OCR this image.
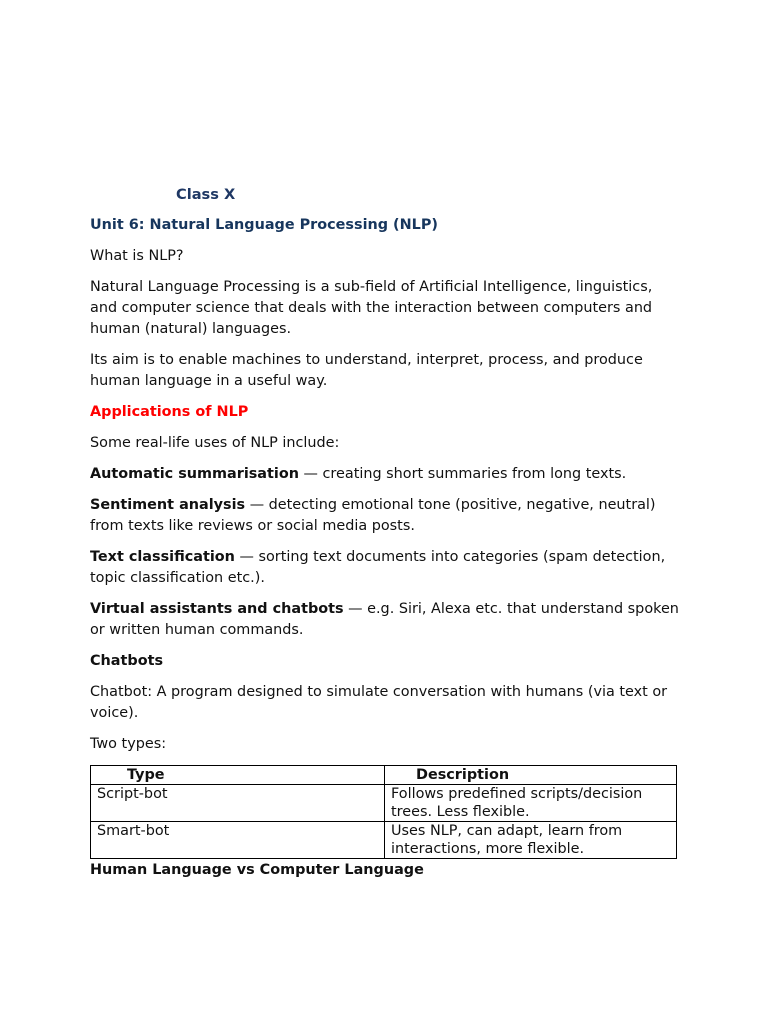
Class X
Unit 6: Natural Language Processing (NLP)

What is NLP?

Natural Language Processing is a sub-field of Artificial Intelligence, linguistics, and computer science that deals with the interaction between computers and human (natural) languages.

Its aim is to enable machines to understand, interpret, process, and produce human language in a useful way.

Applications of NLP

Some real-life uses of NLP include:

Automatic summarisation — creating short summaries from long texts.

Sentiment analysis — detecting emotional tone (positive, negative, neutral) from texts like reviews or social media posts.

Text classification — sorting text documents into categories (spam detection, topic classification etc.).

Virtual assistants and chatbots — e.g. Siri, Alexa etc. that understand spoken or written human commands.

Chatbots

Chatbot: A program designed to simulate conversation with humans (via text or voice).

Two types:

Type	Description
Script-bot	Follows predefined scripts/decision trees. Less flexible.
Smart-bot	Uses NLP, can adapt, learn from interactions, more flexible.
Human Language vs Computer Language
